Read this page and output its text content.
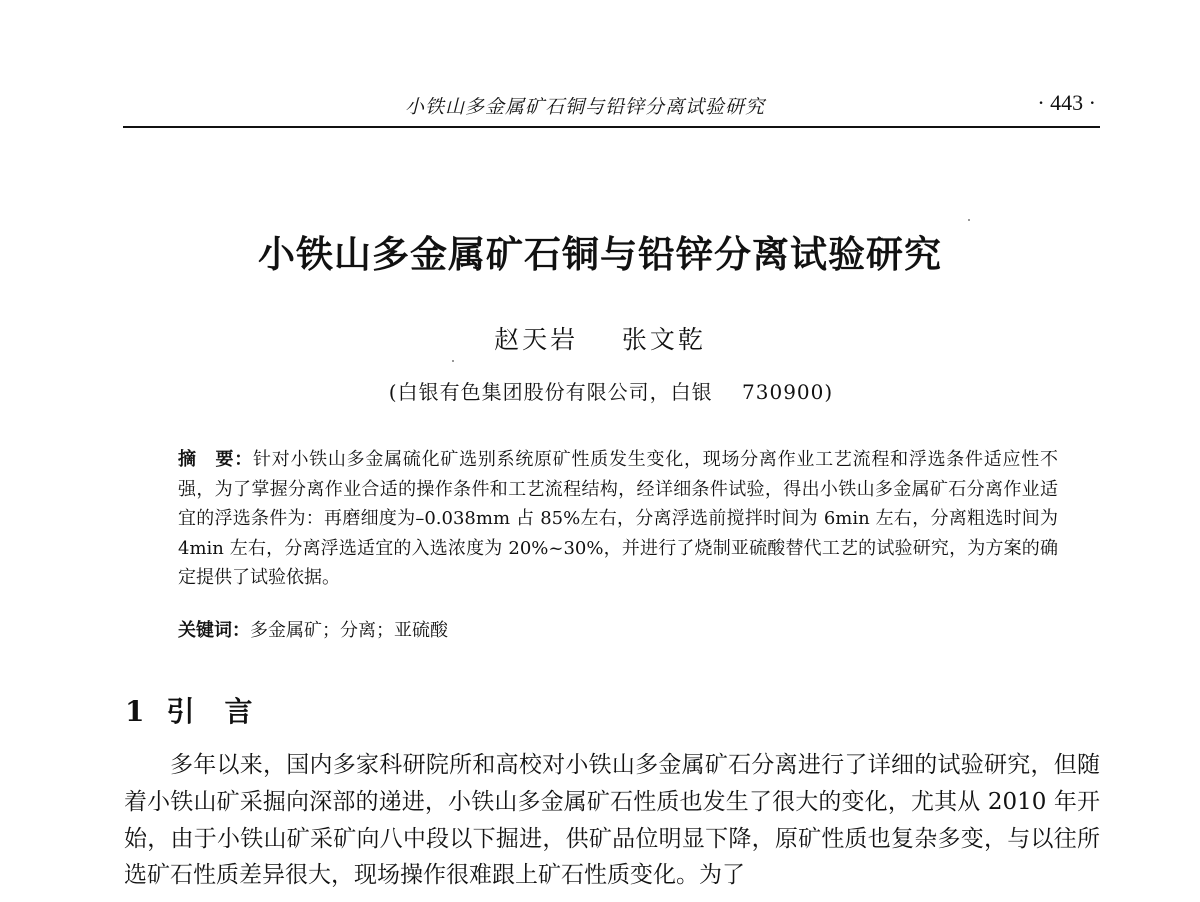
小铁山多金属矿石铜与铅锌分离试验研究	· 443 ·
小铁山多金属矿石铜与铅锌分离试验研究
赵天岩    张文乾
(白银有色集团股份有限公司，白银    730900)

摘　要：针对小铁山多金属硫化矿选别系统原矿性质发生变化，现场分离作业工艺流程和浮选条件适应性不强，为了掌握分离作业合适的操作条件和工艺流程结构，经详细条件试验，得出小铁山多金属矿石分离作业适宜的浮选条件为：再磨细度为–0.038mm 占 85%左右，分离浮选前搅拌时间为 6min 左右，分离粗选时间为 4min 左右，分离浮选适宜的入选浓度为 20%~30%，并进行了烧制亚硫酸替代工艺的试验研究，为方案的确定提供了试验依据。

关键词：多金属矿；分离；亚硫酸
1 引言

多年以来，国内多家科研院所和高校对小铁山多金属矿石分离进行了详细的试验研究，但随着小铁山矿采掘向深部的递进，小铁山多金属矿石性质也发生了很大的变化，尤其从 2010 年开始，由于小铁山矿采矿向八中段以下掘进，供矿品位明显下降，原矿性质也复杂多变，与以往所选矿石性质差异很大，现场操作很难跟上矿石性质变化。为了
